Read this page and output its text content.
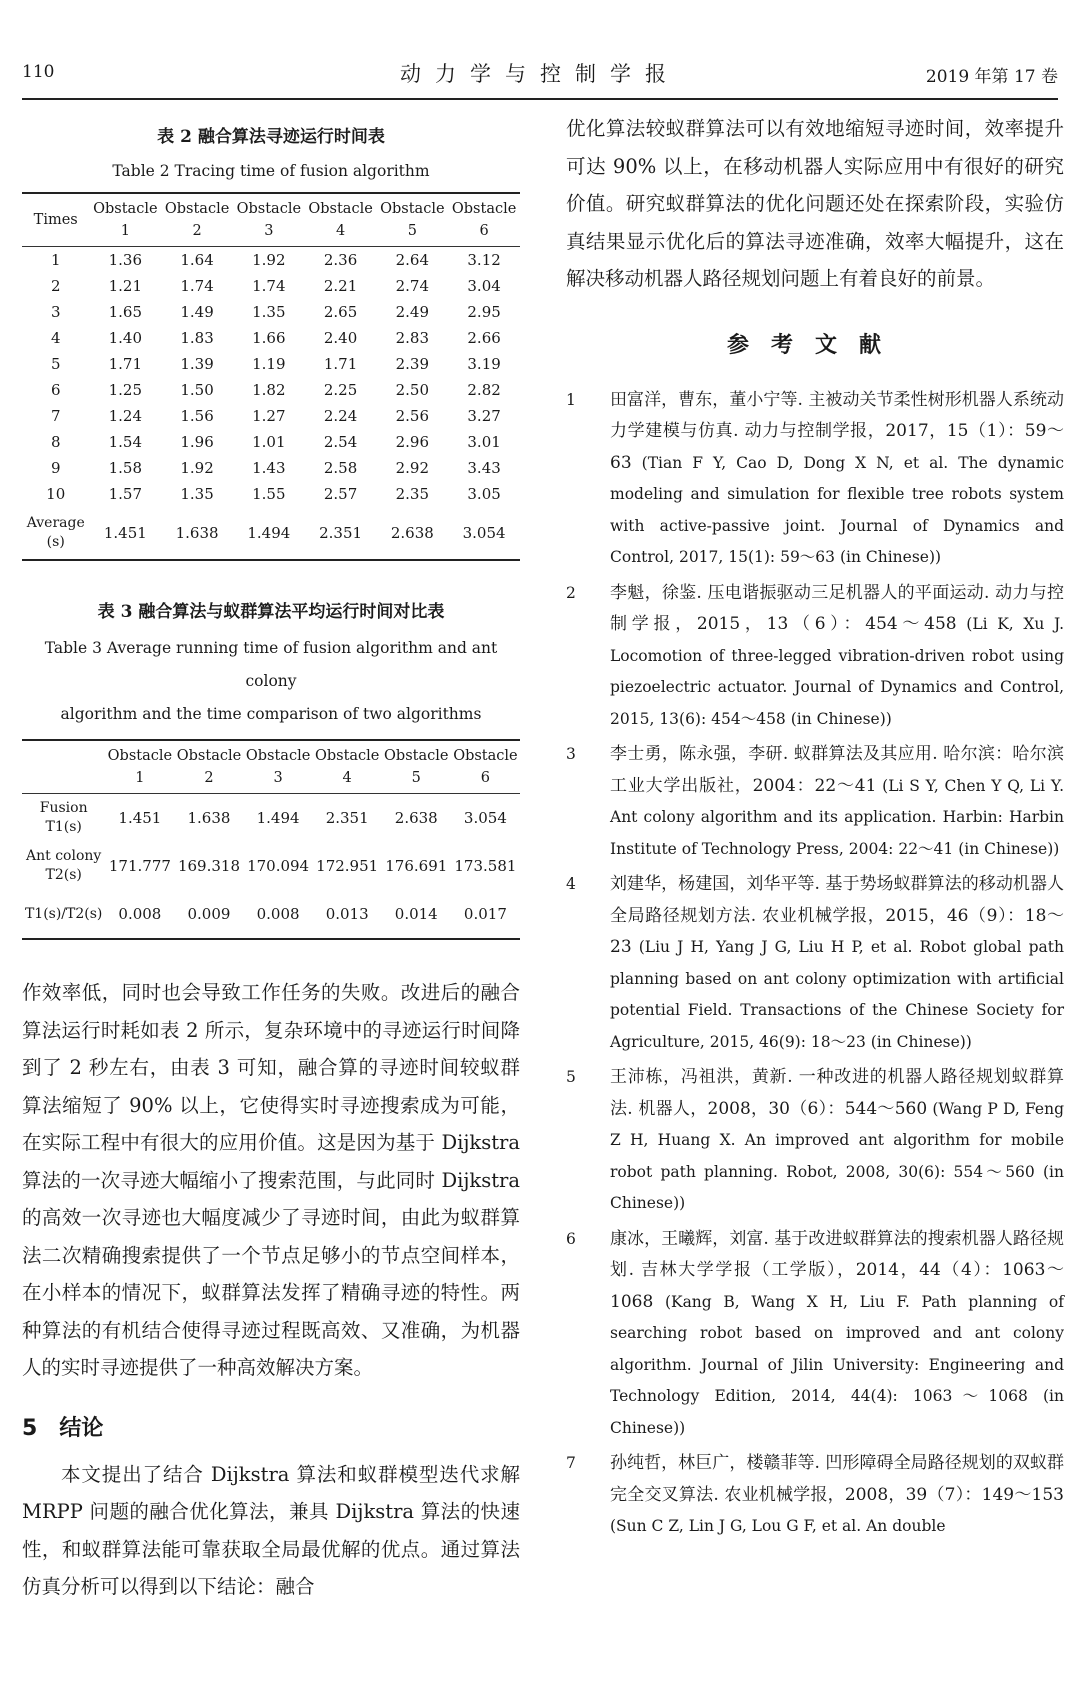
110	动力学与控制学报	2019 年第 17 卷
表 2 融合算法寻迹运行时间表
Table 2 Tracing time of fusion algorithm
Times	Obstacle 1	Obstacle 2	Obstacle 3	Obstacle 4	Obstacle 5	Obstacle 6
1	1.36	1.64	1.92	2.36	2.64	3.12
2	1.21	1.74	1.74	2.21	2.74	3.04
3	1.65	1.49	1.35	2.65	2.49	2.95
4	1.40	1.83	1.66	2.40	2.83	2.66
5	1.71	1.39	1.19	1.71	2.39	3.19
6	1.25	1.50	1.82	2.25	2.50	2.82
7	1.24	1.56	1.27	2.24	2.56	3.27
8	1.54	1.96	1.01	2.54	2.96	3.01
9	1.58	1.92	1.43	2.58	2.92	3.43
10	1.57	1.35	1.55	2.57	2.35	3.05
Average (s)	1.451	1.638	1.494	2.351	2.638	3.054
表 3 融合算法与蚁群算法平均运行时间对比表
Table 3 Average running time of fusion algorithm and ant colony
algorithm and the time comparison of two algorithms
	Obstacle 1	Obstacle 2	Obstacle 3	Obstacle 4	Obstacle 5	Obstacle 6
Fusion T1(s)	1.451	1.638	1.494	2.351	2.638	3.054
Ant colony T2(s)	171.777	169.318	170.094	172.951	176.691	173.581
T1(s)/T2(s)	0.008	0.009	0.008	0.013	0.014	0.017

作效率低，同时也会导致工作任务的失败。改进后的融合算法运行时耗如表 2 所示，复杂环境中的寻迹运行时间降到了 2 秒左右，由表 3 可知，融合算的寻迹时间较蚁群算法缩短了 90% 以上，它使得实时寻迹搜索成为可能，在实际工程中有很大的应用价值。这是因为基于 Dijkstra 算法的一次寻迹大幅缩小了搜索范围，与此同时 Dijkstra 的高效一次寻迹也大幅度减少了寻迹时间，由此为蚁群算法二次精确搜索提供了一个节点足够小的节点空间样本，在小样本的情况下，蚁群算法发挥了精确寻迹的特性。两种算法的有机结合使得寻迹过程既高效、又准确，为机器人的实时寻迹提供了一种高效解决方案。

5 结论

本文提出了结合 Dijkstra 算法和蚁群模型迭代求解 MRPP 问题的融合优化算法，兼具 Dijkstra 算法的快速性，和蚁群算法能可靠获取全局最优解的优点。通过算法仿真分析可以得到以下结论：融合

优化算法较蚁群算法可以有效地缩短寻迹时间，效率提升可达 90% 以上，在移动机器人实际应用中有很好的研究价值。研究蚁群算法的优化问题还处在探索阶段，实验仿真结果显示优化后的算法寻迹准确，效率大幅提升，这在解决移动机器人路径规划问题上有着良好的前景。

参考文献
1 田富洋，曹东，董小宁等. 主被动关节柔性树形机器人系统动力学建模与仿真. 动力与控制学报，2017，15（1）：59～63 (Tian F Y, Cao D, Dong X N, et al. The dynamic modeling and simulation for flexible tree robots system with active-passive joint. Journal of Dynamics and Control, 2017, 15(1): 59～63 (in Chinese))
2 李魁，徐鉴. 压电谐振驱动三足机器人的平面运动. 动力与控制学报，2015，13（6）：454～458 (Li K, Xu J. Locomotion of three-legged vibration-driven robot using piezoelectric actuator. Journal of Dynamics and Control, 2015, 13(6): 454～458 (in Chinese))
3 李士勇，陈永强，李研. 蚁群算法及其应用. 哈尔滨：哈尔滨工业大学出版社，2004：22～41 (Li S Y, Chen Y Q, Li Y. Ant colony algorithm and its application. Harbin: Harbin Institute of Technology Press, 2004: 22～41 (in Chinese))
4 刘建华，杨建国，刘华平等. 基于势场蚁群算法的移动机器人全局路径规划方法. 农业机械学报，2015，46（9）：18～23 (Liu J H, Yang J G, Liu H P, et al. Robot global path planning based on ant colony optimization with artificial potential Field. Transactions of the Chinese Society for Agriculture, 2015, 46(9): 18～23 (in Chinese))
5 王沛栋，冯祖洪，黄新. 一种改进的机器人路径规划蚁群算法. 机器人，2008，30（6）：544～560 (Wang P D, Feng Z H, Huang X. An improved ant algorithm for mobile robot path planning. Robot, 2008, 30(6): 554～560 (in Chinese))
6 康冰，王曦辉，刘富. 基于改进蚁群算法的搜索机器人路径规划. 吉林大学学报（工学版），2014，44（4）：1063～1068 (Kang B, Wang X H, Liu F. Path planning of searching robot based on improved and ant colony algorithm. Journal of Jilin University: Engineering and Technology Edition, 2014, 44(4): 1063～1068 (in Chinese))
7 孙纯哲，林巨广，楼赣菲等. 凹形障碍全局路径规划的双蚁群完全交叉算法. 农业机械学报，2008，39（7）：149～153 (Sun C Z, Lin J G, Lou G F, et al. An double
